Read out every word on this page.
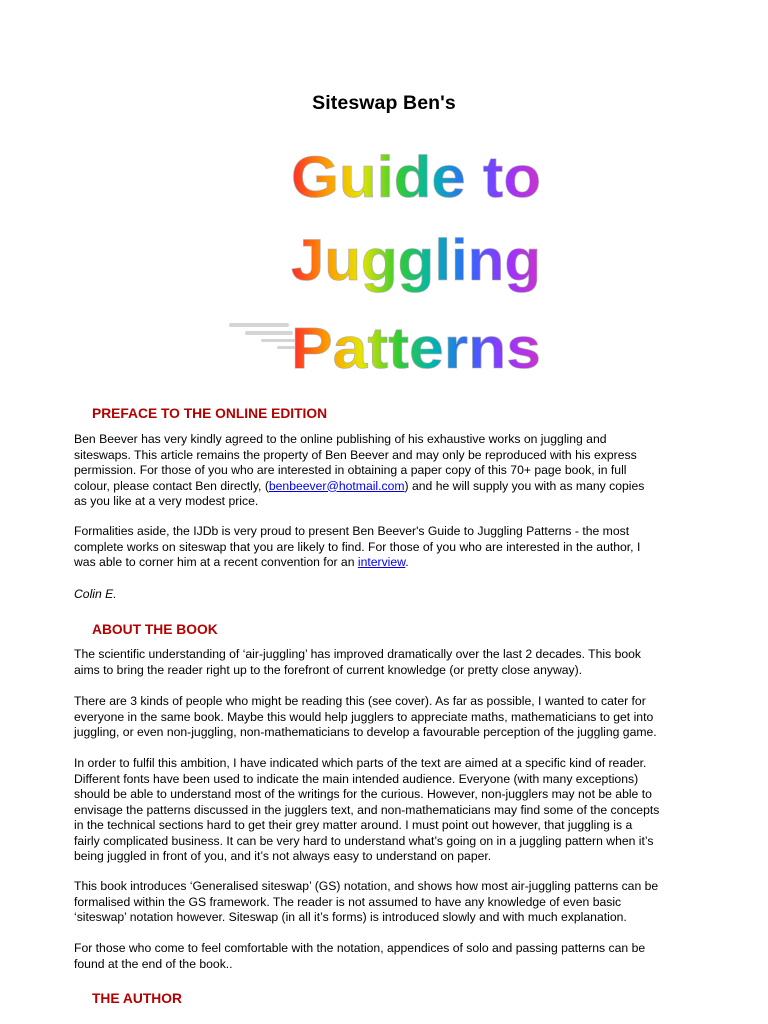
Siteswap Ben's
Guide to
Juggling
Patterns
PREFACE TO THE ONLINE EDITION
Ben Beever has very kindly agreed to the online publishing of his exhaustive works on juggling and
siteswaps. This article remains the property of Ben Beever and may only be reproduced with his express
permission. For those of you who are interested in obtaining a paper copy of this 70+ page book, in full
colour, please contact Ben directly, (benbeever@hotmail.com) and he will supply you with as many copies
as you like at a very modest price.
Formalities aside, the IJDb is very proud to present Ben Beever's Guide to Juggling Patterns - the most
complete works on siteswap that you are likely to find. For those of you who are interested in the author, I
was able to corner him at a recent convention for an interview.
Colin E.
ABOUT THE BOOK
The scientific understanding of ‘air-juggling’ has improved dramatically over the last 2 decades. This book
aims to bring the reader right up to the forefront of current knowledge (or pretty close anyway).
There are 3 kinds of people who might be reading this (see cover). As far as possible, I wanted to cater for
everyone in the same book. Maybe this would help jugglers to appreciate maths, mathematicians to get into
juggling, or even non-juggling, non-mathematicians to develop a favourable perception of the juggling game.
In order to fulfil this ambition, I have indicated which parts of the text are aimed at a specific kind of reader.
Different fonts have been used to indicate the main intended audience. Everyone (with many exceptions)
should be able to understand most of the writings for the curious. However, non-jugglers may not be able to
envisage the patterns discussed in the jugglers text, and non-mathematicians may find some of the concepts
in the technical sections hard to get their grey matter around. I must point out however, that juggling is a
fairly complicated business. It can be very hard to understand what’s going on in a juggling pattern when it’s
being juggled in front of you, and it’s not always easy to understand on paper.
This book introduces ‘Generalised siteswap’ (GS) notation, and shows how most air-juggling patterns can be
formalised within the GS framework. The reader is not assumed to have any knowledge of even basic
‘siteswap’ notation however. Siteswap (in all it’s forms) is introduced slowly and with much explanation.
For those who come to feel comfortable with the notation, appendices of solo and passing patterns can be
found at the end of the book..
THE AUTHOR
